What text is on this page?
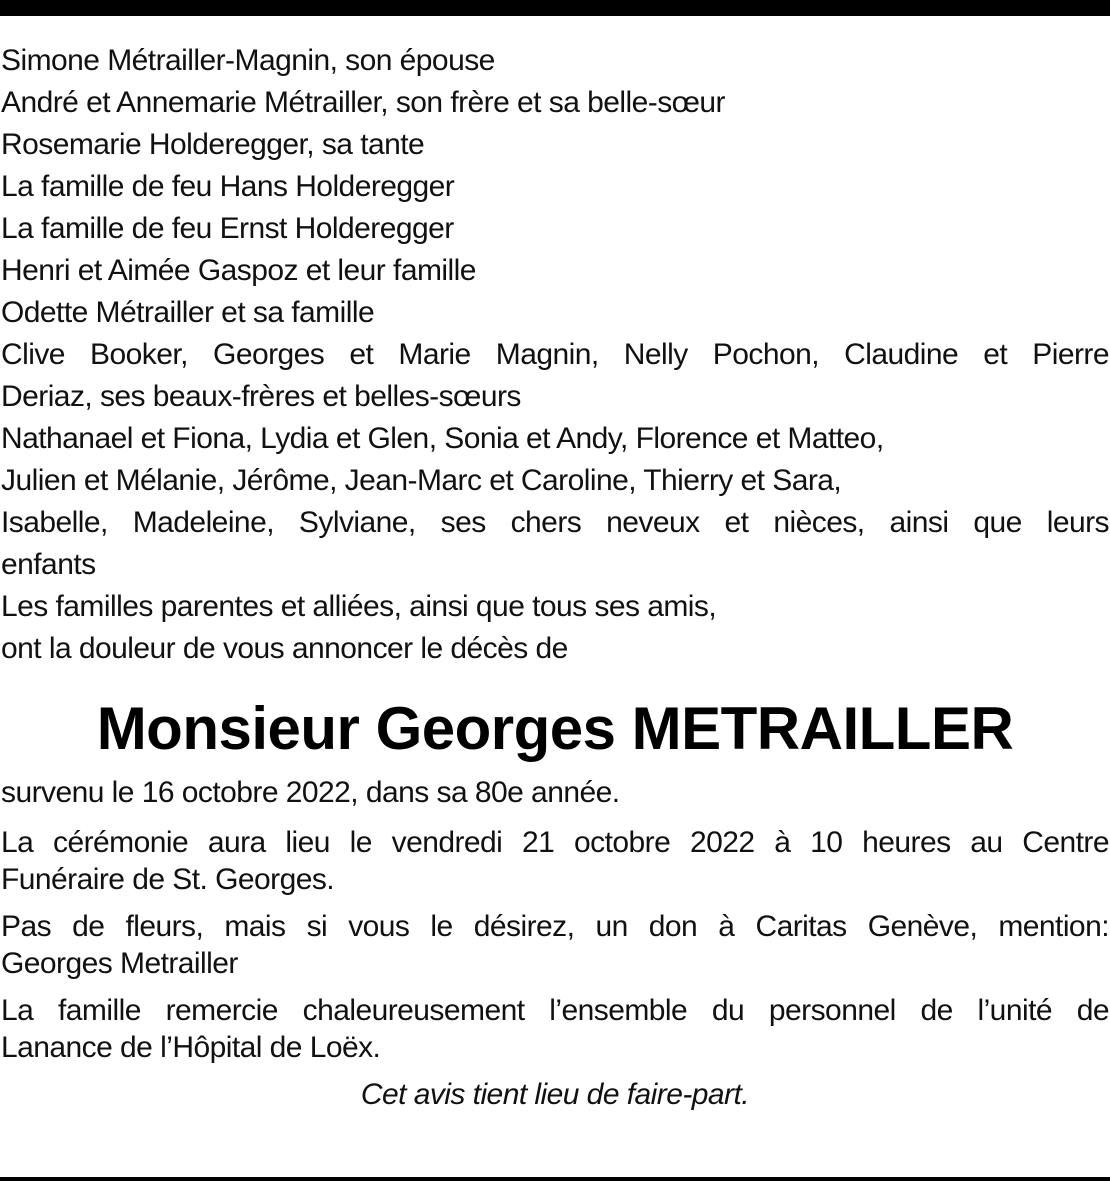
Simone Métrailler-Magnin, son épouse

André et Annemarie Métrailler, son frère et sa belle-sœur

Rosemarie Holderegger, sa tante

La famille de feu Hans Holderegger

La famille de feu Ernst Holderegger

Henri et Aimée Gaspoz et leur famille

Odette Métrailler et sa famille

Clive Booker, Georges et Marie Magnin, Nelly Pochon, Claudine et Pierre

Deriaz, ses beaux-frères et belles-sœurs

Nathanael et Fiona, Lydia et Glen, Sonia et Andy, Florence et Matteo,

Julien et Mélanie, Jérôme, Jean-Marc et Caroline, Thierry et Sara,

Isabelle, Madeleine, Sylviane, ses chers neveux et nièces, ainsi que leurs

enfants

Les familles parentes et alliées, ainsi que tous ses amis,

ont la douleur de vous annoncer le décès de

Monsieur Georges METRAILLER

survenu le 16 octobre 2022, dans sa 80e année.

La cérémonie aura lieu le vendredi 21 octobre 2022 à 10 heures au Centre
Funéraire de St. Georges.

Pas de fleurs, mais si vous le désirez, un don à Caritas Genève, mention:
Georges Metrailler

La famille remercie chaleureusement l’ensemble du personnel de l’unité de
Lanance de l’Hôpital de Loëx.

Cet avis tient lieu de faire-part.
